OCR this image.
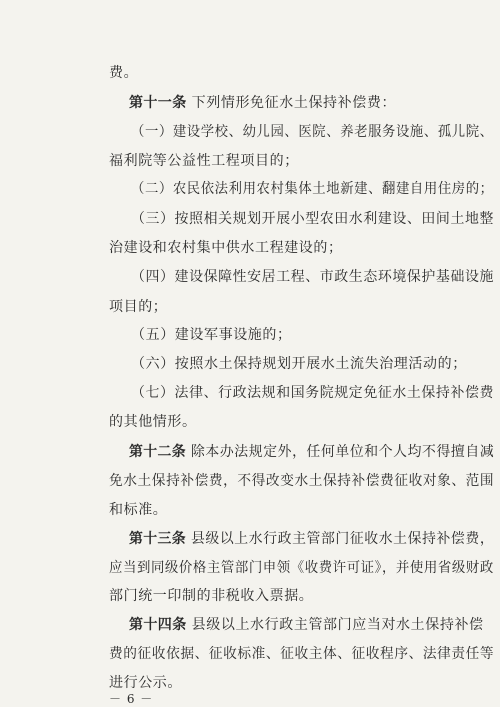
费。
第十一条 下列情形免征水土保持补偿费：
（一）建设学校、幼儿园、医院、养老服务设施、孤儿院、
福利院等公益性工程项目的；
（二）农民依法利用农村集体土地新建、翻建自用住房的；
（三）按照相关规划开展小型农田水利建设、田间土地整
治建设和农村集中供水工程建设的；
（四）建设保障性安居工程、市政生态环境保护基础设施
项目的；
（五）建设军事设施的；
（六）按照水土保持规划开展水土流失治理活动的；
（七）法律、行政法规和国务院规定免征水土保持补偿费
的其他情形。
第十二条 除本办法规定外，任何单位和个人均不得擅自减
免水土保持补偿费，不得改变水土保持补偿费征收对象、范围
和标准。
第十三条 县级以上水行政主管部门征收水土保持补偿费，
应当到同级价格主管部门申领《收费许可证》，并使用省级财政
部门统一印制的非税收入票据。
第十四条 县级以上水行政主管部门应当对水土保持补偿
费的征收依据、征收标准、征收主体、征收程序、法律责任等
进行公示。
－ 6 －
